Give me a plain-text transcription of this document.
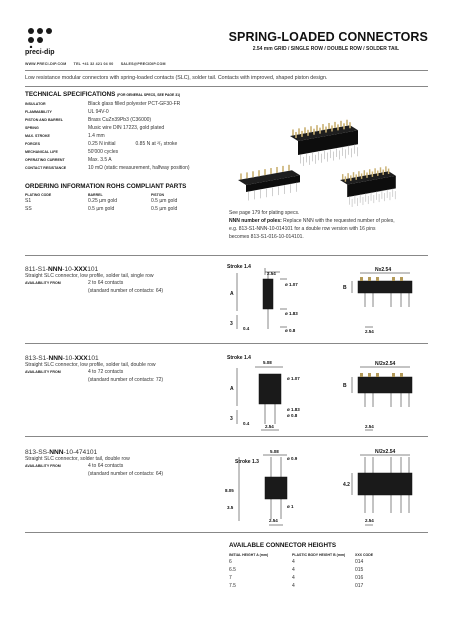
preci-dip
WWW.PRECI-DIP.COM TEL +41 32 421 04 00 SALES@PRECIDIP.COM
SPRING-LOADED CONNECTORS
2.54 mm GRID / SINGLE ROW / DOUBLE ROW / SOLDER TAIL
Low resistance modular connectors with spring-loaded contacts (SLC), solder tail. Contacts with improved, shaped piston design.
TECHNICAL SPECIFICATIONS (FOR GENERAL SPECS, SEE PAGE 31)
INSULATOR	Black glass filled polyester PCT-GF30-FR
FLAMMABILITY	UL 94V-0
PISTON AND BARREL	Brass CuZn39Pb3 (C36000)
SPRING	Music wire DIN 17223, gold plated
MAX. STROKE	1.4 mm
FORCES	0.25 N initial	0.85 N at ²/₃ stroke
MECHANICAL LIFE	50'000 cycles
OPERATING CURRENT	Max. 3.5 A
CONTACT RESISTANCE	10 mΩ (static measurement, halfway position)
ORDERING INFORMATION ROHS COMPLIANT PARTS
PLATING CODE	BARREL	PISTON
S1	0.25 µm gold	0.5 µm gold
SS	0.5 µm gold	0.5 µm gold
See page 179 for plating specs.
NNN number of poles: Replace NNN with the requested number of poles,
e.g. 813-S1-NNN-10-014101 for a double row version with 16 pins
becomes 813-S1-016-10-014101.
811-S1-NNN-10-XXX101
Straight SLC connector, low profile, solder tail, single row
AVAILABILITY FROM	2 to 64 contacts
(standard number of contacts: 64)
Stroke 1.4
2.54
ø 1.07
ø 1.83
ø 0.8
A
3
0.4
Nx2.54
B
2.54
813-S1-NNN-10-XXX101
Straight SLC connector, low profile, solder tail, double row
AVAILABILITY FROM	4 to 72 contacts
(standard number of contacts: 72)
Stroke 1.4
5.08
ø 1.07
ø 1.83
ø 0.8
A
3
0.4
2.54
N/2x2.54
B
2.54
813-SS-NNN-10-474101
Straight SLC connector, solder tail, double row
AVAILABILITY FROM	4 to 64 contacts
(standard number of contacts: 64)
Stroke 1.3
5.08
ø 0.9
8.05
3.5	ø 1
2.54
N/2x2.54
4.2
2.54
AVAILABLE CONNECTOR HEIGHTS
INITIAL HEIGHT A (mm)	PLASTIC BODY HEIGHT B (mm)	XXX CODE
6	4	014
6.5	4	015
7	4	016
7.5	4	017
